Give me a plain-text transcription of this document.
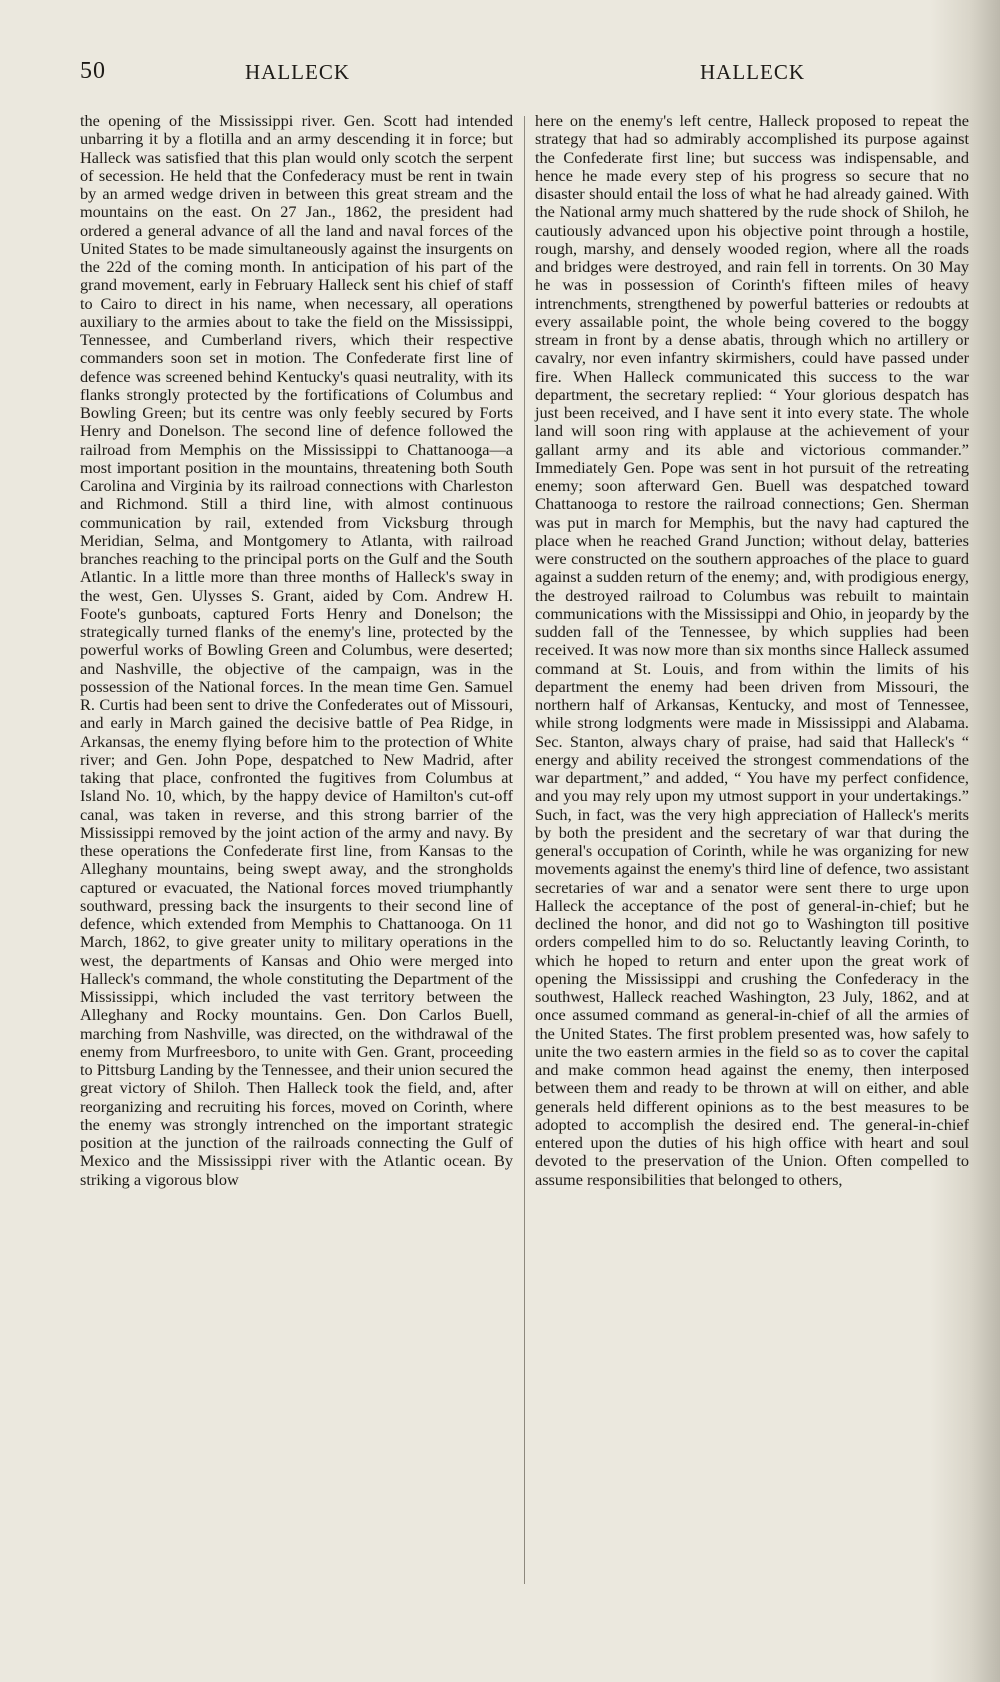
50	HALLECK	HALLECK

the opening of the Mississippi river. Gen. Scott had intended unbarring it by a flotilla and an army descending it in force; but Halleck was satisfied that this plan would only scotch the serpent of secession. He held that the Confederacy must be rent in twain by an armed wedge driven in between this great stream and the mountains on the east. On 27 Jan., 1862, the president had ordered a general advance of all the land and naval forces of the United States to be made simultaneously against the insurgents on the 22d of the coming month. In anticipation of his part of the grand movement, early in February Halleck sent his chief of staff to Cairo to direct in his name, when necessary, all operations auxiliary to the armies about to take the field on the Mississippi, Tennessee, and Cumberland rivers, which their respective commanders soon set in motion. The Confederate first line of defence was screened behind Kentucky's quasi neutrality, with its flanks strongly protected by the fortifications of Columbus and Bowling Green; but its centre was only feebly secured by Forts Henry and Donelson. The second line of defence followed the railroad from Memphis on the Mississippi to Chattanooga—a most important position in the mountains, threatening both South Carolina and Virginia by its railroad connections with Charleston and Richmond. Still a third line, with almost continuous communication by rail, extended from Vicksburg through Meridian, Selma, and Montgomery to Atlanta, with railroad branches reaching to the principal ports on the Gulf and the South Atlantic. In a little more than three months of Halleck's sway in the west, Gen. Ulysses S. Grant, aided by Com. Andrew H. Foote's gunboats, captured Forts Henry and Donelson; the strategically turned flanks of the enemy's line, protected by the powerful works of Bowling Green and Columbus, were deserted; and Nashville, the objective of the campaign, was in the possession of the National forces. In the mean time Gen. Samuel R. Curtis had been sent to drive the Confederates out of Missouri, and early in March gained the decisive battle of Pea Ridge, in Arkansas, the enemy flying before him to the protection of White river; and Gen. John Pope, despatched to New Madrid, after taking that place, confronted the fugitives from Columbus at Island No. 10, which, by the happy device of Hamilton's cut-off canal, was taken in reverse, and this strong barrier of the Mississippi removed by the joint action of the army and navy. By these operations the Confederate first line, from Kansas to the Alleghany mountains, being swept away, and the strongholds captured or evacuated, the National forces moved triumphantly southward, pressing back the insurgents to their second line of defence, which extended from Memphis to Chattanooga. On 11 March, 1862, to give greater unity to military operations in the west, the departments of Kansas and Ohio were merged into Halleck's command, the whole constituting the Department of the Mississippi, which included the vast territory between the Alleghany and Rocky mountains. Gen. Don Carlos Buell, marching from Nashville, was directed, on the withdrawal of the enemy from Murfreesboro, to unite with Gen. Grant, proceeding to Pittsburg Landing by the Tennessee, and their union secured the great victory of Shiloh. Then Halleck took the field, and, after reorganizing and recruiting his forces, moved on Corinth, where the enemy was strongly intrenched on the important strategic position at the junction of the railroads connecting the Gulf of Mexico and the Mississippi river with the Atlantic ocean. By striking a vigorous blow

here on the enemy's left centre, Halleck proposed to repeat the strategy that had so admirably accomplished its purpose against the Confederate first line; but success was indispensable, and hence he made every step of his progress so secure that no disaster should entail the loss of what he had already gained. With the National army much shattered by the rude shock of Shiloh, he cautiously advanced upon his objective point through a hostile, rough, marshy, and densely wooded region, where all the roads and bridges were destroyed, and rain fell in torrents. On 30 May he was in possession of Corinth's fifteen miles of heavy intrenchments, strengthened by powerful batteries or redoubts at every assailable point, the whole being covered to the boggy stream in front by a dense abatis, through which no artillery or cavalry, nor even infantry skirmishers, could have passed under fire. When Halleck communicated this success to the war department, the secretary replied: “ Your glorious despatch has just been received, and I have sent it into every state. The whole land will soon ring with applause at the achievement of your gallant army and its able and victorious commander.” Immediately Gen. Pope was sent in hot pursuit of the retreating enemy; soon afterward Gen. Buell was despatched toward Chattanooga to restore the railroad connections; Gen. Sherman was put in march for Memphis, but the navy had captured the place when he reached Grand Junction; without delay, batteries were constructed on the southern approaches of the place to guard against a sudden return of the enemy; and, with prodigious energy, the destroyed railroad to Columbus was rebuilt to maintain communications with the Mississippi and Ohio, in jeopardy by the sudden fall of the Tennessee, by which supplies had been received. It was now more than six months since Halleck assumed command at St. Louis, and from within the limits of his department the enemy had been driven from Missouri, the northern half of Arkansas, Kentucky, and most of Tennessee, while strong lodgments were made in Mississippi and Alabama. Sec. Stanton, always chary of praise, had said that Halleck's “ energy and ability received the strongest commendations of the war department,” and added, “ You have my perfect confidence, and you may rely upon my utmost support in your undertakings.” Such, in fact, was the very high appreciation of Halleck's merits by both the president and the secretary of war that during the general's occupation of Corinth, while he was organizing for new movements against the enemy's third line of defence, two assistant secretaries of war and a senator were sent there to urge upon Halleck the acceptance of the post of general-in-chief; but he declined the honor, and did not go to Washington till positive orders compelled him to do so. Reluctantly leaving Corinth, to which he hoped to return and enter upon the great work of opening the Mississippi and crushing the Confederacy in the southwest, Halleck reached Washington, 23 July, 1862, and at once assumed command as general-in-chief of all the armies of the United States. The first problem presented was, how safely to unite the two eastern armies in the field so as to cover the capital and make common head against the enemy, then interposed between them and ready to be thrown at will on either, and able generals held different opinions as to the best measures to be adopted to accomplish the desired end. The general-in-chief entered upon the duties of his high office with heart and soul devoted to the preservation of the Union. Often compelled to assume responsibilities that belonged to others,
